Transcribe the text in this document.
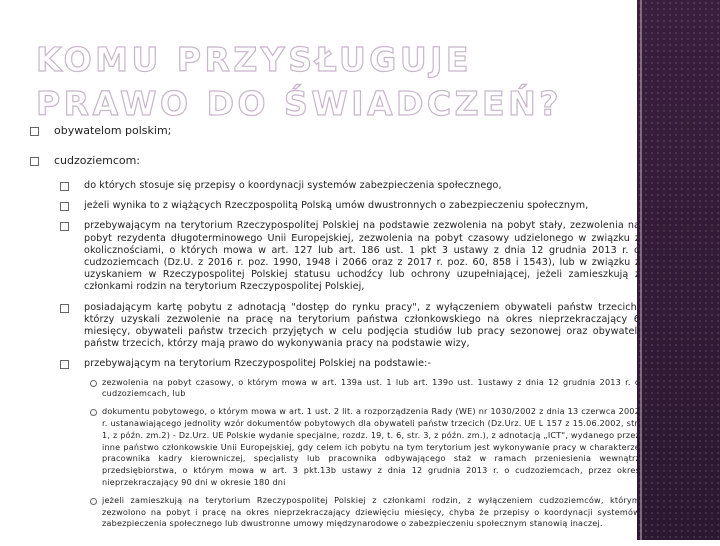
KOMU PRZYSŁUGUJE PRAWO DO ŚWIADCZEŃ?
obywatelom polskim;
cudzoziemcom:
do których stosuje się przepisy o koordynacji systemów zabezpieczenia społecznego,
jeżeli wynika to z wiążących Rzeczpospolitą Polską umów dwustronnych o zabezpieczeniu społecznym,
przebywającym na terytorium Rzeczypospolitej Polskiej na podstawie zezwolenia na pobyt stały, zezwolenia na pobyt rezydenta długoterminowego Unii Europejskiej, zezwolenia na pobyt czasowy udzielonego w związku z okolicznościami, o których mowa w art. 127 lub art. 186 ust. 1 pkt 3 ustawy z dnia 12 grudnia 2013 r. o cudzoziemcach (Dz.U. z 2016 r. poz. 1990, 1948 i 2066 oraz z 2017 r. poz. 60, 858 i 1543), lub w związku z uzyskaniem w Rzeczypospolitej Polskiej statusu uchodźcy lub ochrony uzupełniającej, jeżeli zamieszkują z członkami rodzin na terytorium Rzeczypospolitej Polskiej,
posiadającym kartę pobytu z adnotacją "dostęp do rynku pracy", z wyłączeniem obywateli państw trzecich, którzy uzyskali zezwolenie na pracę na terytorium państwa członkowskiego na okres nieprzekraczający 6 miesięcy, obywateli państw trzecich przyjętych w celu podjęcia studiów lub pracy sezonowej oraz obywateli państw trzecich, którzy mają prawo do wykonywania pracy na podstawie wizy,
przebywającym na terytorium Rzeczypospolitej Polskiej na podstawie:-
zezwolenia na pobyt czasowy, o którym mowa w art. 139a ust. 1 lub art. 139o ust. 1ustawy z dnia 12 grudnia 2013 r. o cudzoziemcach, lub
dokumentu pobytowego, o którym mowa w art. 1 ust. 2 lit. a rozporządzenia Rady (WE) nr 1030/2002 z dnia 13 czerwca 2002 r. ustanawiającego jednolity wzór dokumentów pobytowych dla obywateli państw trzecich (Dz.Urz. UE L 157 z 15.06.2002, str. 1, z późn. zm.2) - Dz.Urz. UE Polskie wydanie specjalne, rozdz. 19, t. 6, str. 3, z późn. zm.), z adnotacją „ICT", wydanego przez inne państwo członkowskie Unii Europejskiej, gdy celem ich pobytu na tym terytorium jest wykonywanie pracy w charakterze pracownika kadry kierowniczej, specjalisty lub pracownika odbywającego staż w ramach przeniesienia wewnątrz przedsiębiorstwa, o którym mowa w art. 3 pkt.13b ustawy z dnia 12 grudnia 2013 r. o cudzoziemcach, przez okres nieprzekraczający 90 dni w okresie 180 dni
jeżeli zamieszkują na terytorium Rzeczypospolitej Polskiej z członkami rodzin, z wyłączeniem cudzoziemców, którym zezwolono na pobyt i pracę na okres nieprzekraczający dziewięciu miesięcy, chyba że przepisy o koordynacji systemów zabezpieczenia społecznego lub dwustronne umowy międzynarodowe o zabezpieczeniu społecznym stanowią inaczej.
